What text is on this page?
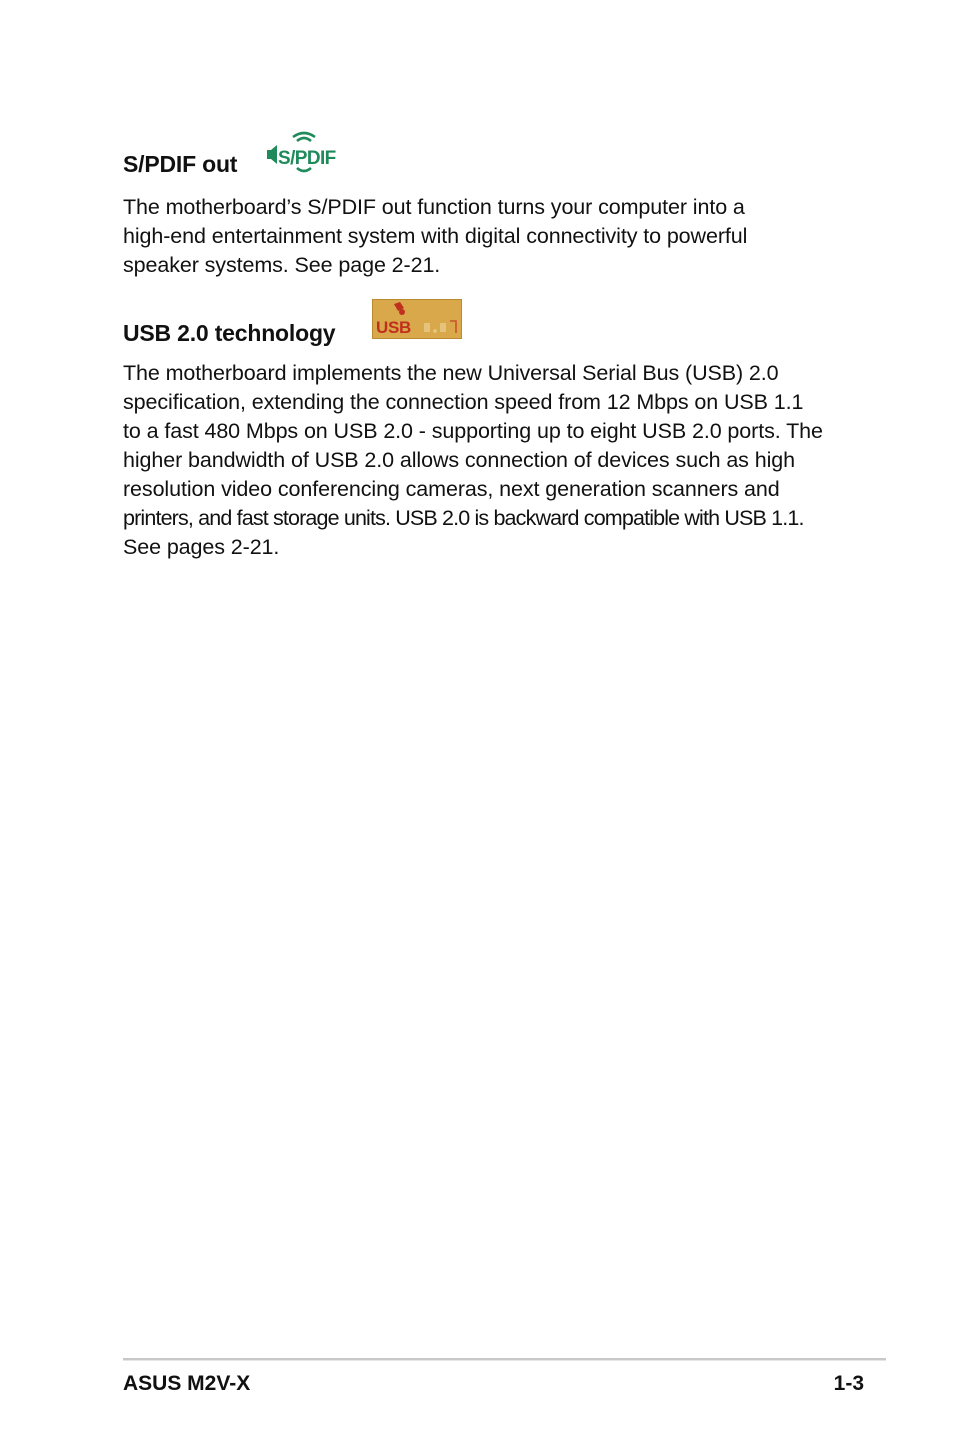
S/PDIF out S/PDIF

The motherboard’s S/PDIF out function turns your computer into a
high-end entertainment system with digital connectivity to powerful
speaker systems. See page 2-21.

USB 2.0 technology USB

The motherboard implements the new Universal Serial Bus (USB) 2.0
specification, extending the connection speed from 12 Mbps on USB 1.1
to a fast 480 Mbps on USB 2.0 - supporting up to eight USB 2.0 ports. The
higher bandwidth of USB 2.0 allows connection of devices such as high
resolution video conferencing cameras, next generation scanners and
printers, and fast storage units. USB 2.0 is backward compatible with USB 1.1.
See pages 2-21.

ASUS M2V-X	1-3
